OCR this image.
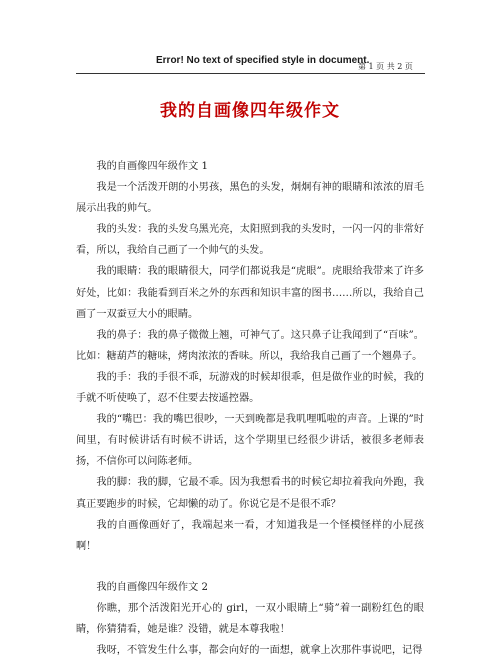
Error! No text of specified style in document.
第 1 页 共 2 页
我的自画像四年级作文

我的自画像四年级作文 1

我是一个活泼开朗的小男孩，黑色的头发，炯炯有神的眼睛和浓浓的眉毛展示出我的帅气。

我的头发：我的头发乌黑光亮，太阳照到我的头发时，一闪一闪的非常好看，所以，我给自己画了一个帅气的头发。

我的眼睛：我的眼睛很大，同学们都说我是“虎眼”。虎眼给我带来了许多好处，比如：我能看到百米之外的东西和知识丰富的图书……所以，我给自己画了一双蚕豆大小的眼睛。

我的鼻子：我的鼻子微微上翘，可神气了。这只鼻子让我闻到了“百味”。比如：糖葫芦的糖味，烤肉浓浓的香味。所以，我给我自己画了一个翘鼻子。

我的手：我的手很不乖，玩游戏的时候却很乖，但是做作业的时候，我的手就不听使唤了，忍不住要去按遥控器。

我的“嘴巴：我的嘴巴很吵，一天到晚都是我叽哩呱啦的声音。上课的”时间里，有时候讲话有时候不讲话，这个学期里已经很少讲话，被很多老师表扬，不信你可以问陈老师。

我的脚：我的脚，它最不乖。因为我想看书的时候它却拉着我向外跑，我真正要跑步的时候，它却懒的动了。你说它是不是很不乖？

我的自画像画好了，我端起来一看，才知道我是一个怪模怪样的小屁孩啊！

我的自画像四年级作文 2

你瞧，那个活泼阳光开心的 girl，一双小眼睛上“骑”着一副粉红色的眼睛，你猜猜看，她是谁？没错，就是本尊我啦！

我呀，不管发生什么事，都会向好的一面想，就拿上次那件事说吧，记得
